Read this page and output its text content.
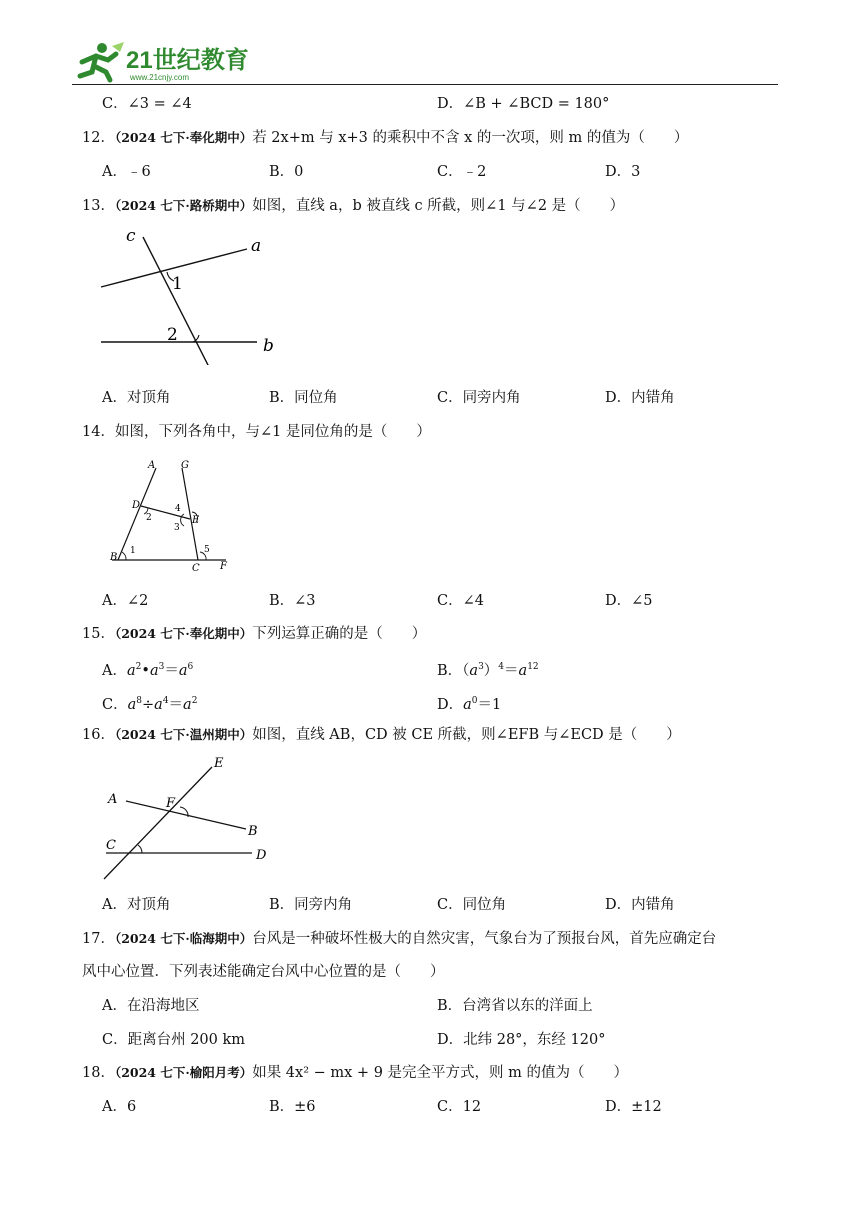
21世纪教育
www.21cnjy.com
C．∠3 = ∠4	D．∠B + ∠BCD = 180°
12．（2024 七下·奉化期中）若 2x+m 与 x+3 的乘积中不含 x 的一次项，则 m 的值为（　　）
A．﹣6	B．0	C．﹣2	D．3
13．（2024 七下·路桥期中）如图，直线 a，b 被直线 c 所截，则∠1 与∠2 是（　　）
c	a
b
1
2
A．对顶角	B．同位角	C．同旁内角	D．内错角
14．如图，下列各角中，与∠1 是同位角的是（　　）
A	G
D
E
B
C F
1
2
3
4
5
A．∠2	B．∠3	C．∠4	D．∠5
15．（2024 七下·奉化期中）下列运算正确的是（　　）
A．$a^2•a^3=a^6$	B．$(a^3)^4=a^{12}$
C．$a^8\div a^4=a^2$	D．$a^0=1$
16．（2024 七下·温州期中）如图，直线 AB，CD 被 CE 所截，则∠EFB 与∠ECD 是（　　）
E
A	F
B
C
D
A．对顶角	B．同旁内角	C．同位角	D．内错角
17．（2024 七下·临海期中）台风是一种破坏性极大的自然灾害，气象台为了预报台风，首先应确定台
风中心位置．下列表述能确定台风中心位置的是（　　）
A．在沿海地区	B．台湾省以东的洋面上
C．距离台州 200 km	D．北纬 28°，东经 120°
18．（2024 七下·榆阳月考）如果 4x² − mx + 9 是完全平方式，则 m 的值为（　　）
A．6	B．±6	C．12	D．±12
